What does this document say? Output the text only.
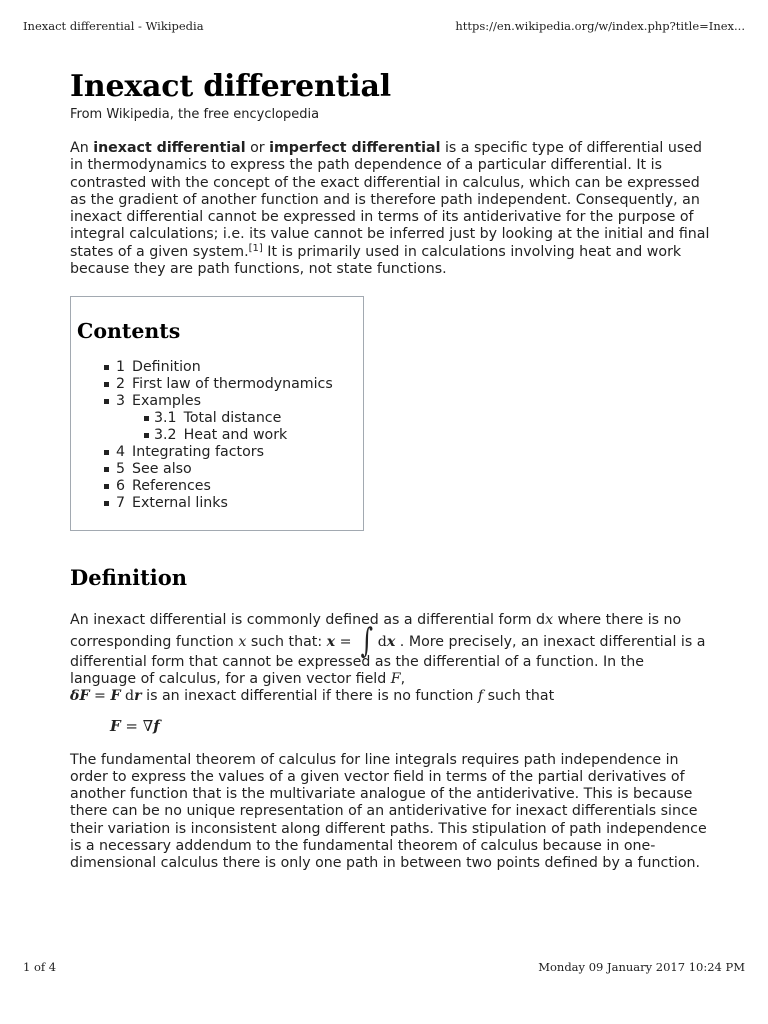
Inexact differential - Wikipedia	https://en.wikipedia.org/w/index.php?title=Inex...
Inexact differential
From Wikipedia, the free encyclopedia

An inexact differential or imperfect differential is a specific type of differential used in thermodynamics to express the path dependence of a particular differential. It is contrasted with the concept of the exact differential in calculus, which can be expressed as the gradient of another function and is therefore path independent. Consequently, an inexact differential cannot be expressed in terms of its antiderivative for the purpose of integral calculations; i.e. its value cannot be inferred just by looking at the initial and final states of a given system.[1] It is primarily used in calculations involving heat and work because they are path functions, not state functions.

Contents
1 Definition
2 First law of thermodynamics
3 Examples
3.1 Total distance
3.2 Heat and work
4 Integrating factors
5 See also
6 References
7 External links
Definition

An inexact differential is commonly defined as a differential form dx where there is no corresponding function x such that: x = ∫ dx . More precisely, an inexact differential is a differential form that cannot be expressed as the differential of a function. In the language of calculus, for a given vector field F,
δF = F dr is an inexact differential if there is no function f such that

F = ∇f

The fundamental theorem of calculus for line integrals requires path independence in order to express the values of a given vector field in terms of the partial derivatives of another function that is the multivariate analogue of the antiderivative. This is because there can be no unique representation of an antiderivative for inexact differentials since their variation is inconsistent along different paths. This stipulation of path independence is a necessary addendum to the fundamental theorem of calculus because in one-dimensional calculus there is only one path in between two points defined by a function.

1 of 4	Monday 09 January 2017 10:24 PM
